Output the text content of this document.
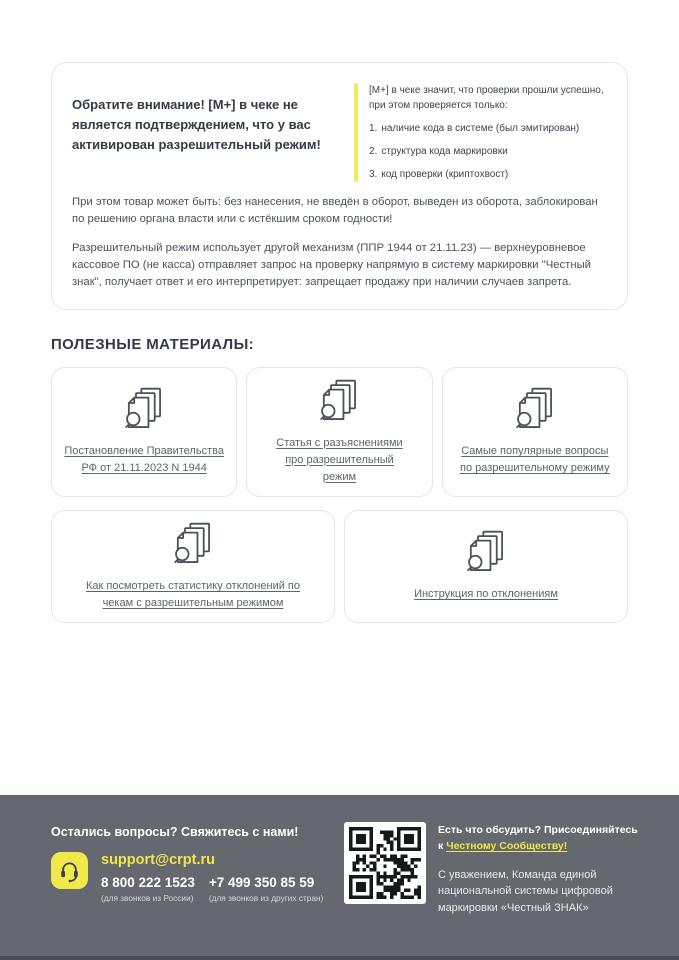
Обратите внимание! [М+] в чеке не является подтверждением, что у вас активирован разрешительный режим!
[М+] в чеке значит, что проверки прошли успешно, при этом проверяется только:
1. наличие кода в системе (был эмитирован)
2. структура кода маркировки
3. код проверки (криптохвост)
При этом товар может быть: без нанесения, не введён в оборот, выведен из оборота, заблокирован по решению органа власти или с истёкшим сроком годности!
Разрешительный режим использует другой механизм (ППР 1944 от 21.11.23) — верхнеуровневое кассовое ПО (не касса) отправляет запрос на проверку напрямую в систему маркировки "Честный знак", получает ответ и его интерпретирует: запрещает продажу при наличии случаев запрета.
ПОЛЕЗНЫЕ МАТЕРИАЛЫ:
Постановление Правительства РФ от 21.11.2023 N 1944
Статья с разъяснениями про разрешительный режим
Самые популярные вопросы по разрешительному режиму
Как посмотреть статистику отклонений по чекам с разрешительным режимом
Инструкция по отклонениям
Остались вопросы? Свяжитесь с нами!
support@crpt.ru
8 800 222 1523
(для звонков из России)
+7 499 350 85 59
(для звонков из других стран)
Есть что обсудить? Присоединяйтесь
к Честному Сообществу!
С уважением, Команда единой национальной системы цифровой маркировки «Честный ЗНАК»
